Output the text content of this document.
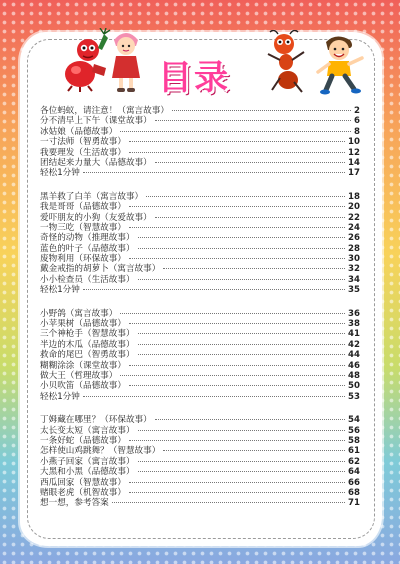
目录
各位蚂蚁，请注意！（寓言故事）	2
分不清早上下午（课堂故事）	6
冰姑娘（品德故事）	8
一寸法师（智勇故事）	10
我要理发（生活故事）	12
团结起来力量大（品德故事）	14
轻松1分钟	17
黑羊救了白羊（寓言故事）	18
我是哥哥（品德故事）	20
爱吓朋友的小狗（友爱故事）	22
一物三吃（智慧故事）	24
奇怪的动物（推理故事）	26
蓝色的叶子（品德故事）	28
废物利用（环保故事）	30
戴金戒指的胡萝卜（寓言故事）	32
小小检查员（生活故事）	34
轻松1分钟	35
小野鸽（寓言故事）	36
小苹果树（品德故事）	38
三个神枪手（智慧故事）	41
半边的木瓜（品德故事）	42
救命的尾巴（智勇故事）	44
糊糊涂涂（课堂故事）	46
做大王（哲理故事）	48
小贝吹笛（品德故事）	50
轻松1分钟	53
丁姆藏在哪里？（环保故事）	54
太长变太短（寓言故事）	56
一条好蛇（品德故事）	58
怎样使山鸡跳舞？（智慧故事）	61
小燕子回家（寓言故事）	62
大黑和小黑（品德故事）	64
西瓜回家（智慧故事）	66
赌眼老虎（机智故事）	68
想一想，参考答案	71
